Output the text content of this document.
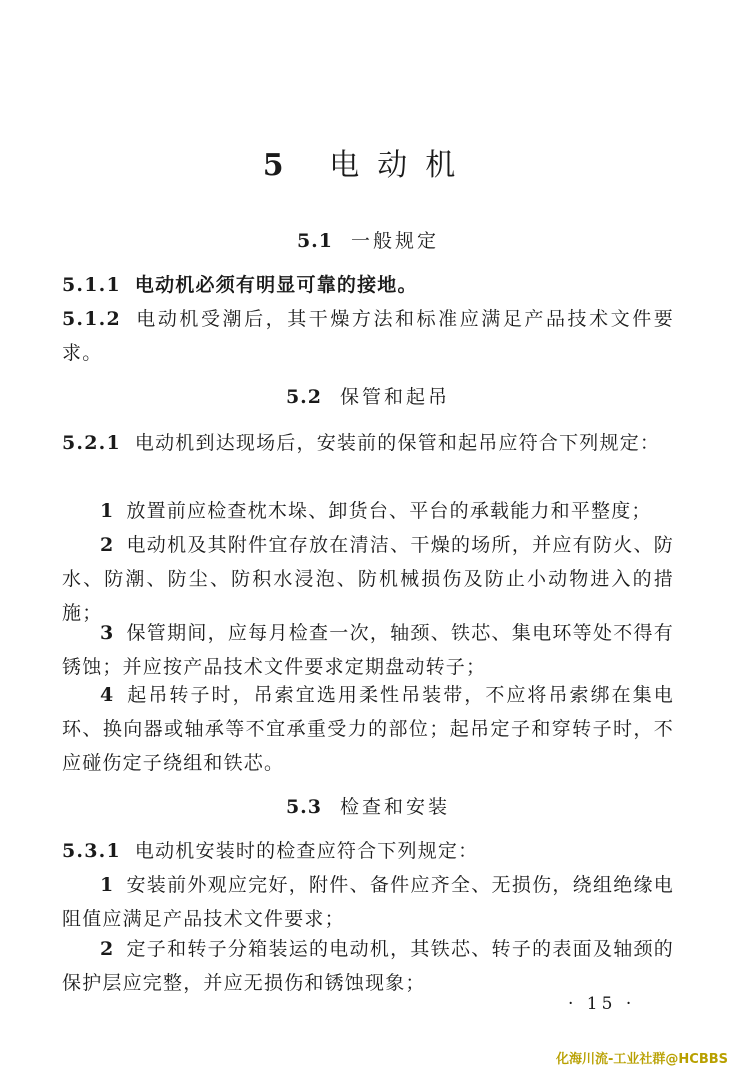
5 电动机
5.1 一般规定
5.1.1 电动机必须有明显可靠的接地。
5.1.2 电动机受潮后，其干燥方法和标准应满足产品技术文件要求。
5.2 保管和起吊
5.2.1 电动机到达现场后，安装前的保管和起吊应符合下列规定：
1 放置前应检查枕木垛、卸货台、平台的承载能力和平整度；
2 电动机及其附件宜存放在清洁、干燥的场所，并应有防火、防水、防潮、防尘、防积水浸泡、防机械损伤及防止小动物进入的措施；
3 保管期间，应每月检查一次，轴颈、铁芯、集电环等处不得有锈蚀；并应按产品技术文件要求定期盘动转子；
4 起吊转子时，吊索宜选用柔性吊装带，不应将吊索绑在集电环、换向器或轴承等不宜承重受力的部位；起吊定子和穿转子时，不应碰伤定子绕组和铁芯。
5.3 检查和安装
5.3.1 电动机安装时的检查应符合下列规定：
1 安装前外观应完好，附件、备件应齐全、无损伤，绕组绝缘电阻值应满足产品技术文件要求；
2 定子和转子分箱装运的电动机，其铁芯、转子的表面及轴颈的保护层应完整，并应无损伤和锈蚀现象；
· 15 ·
化海川流-工业社群@HCBBS
